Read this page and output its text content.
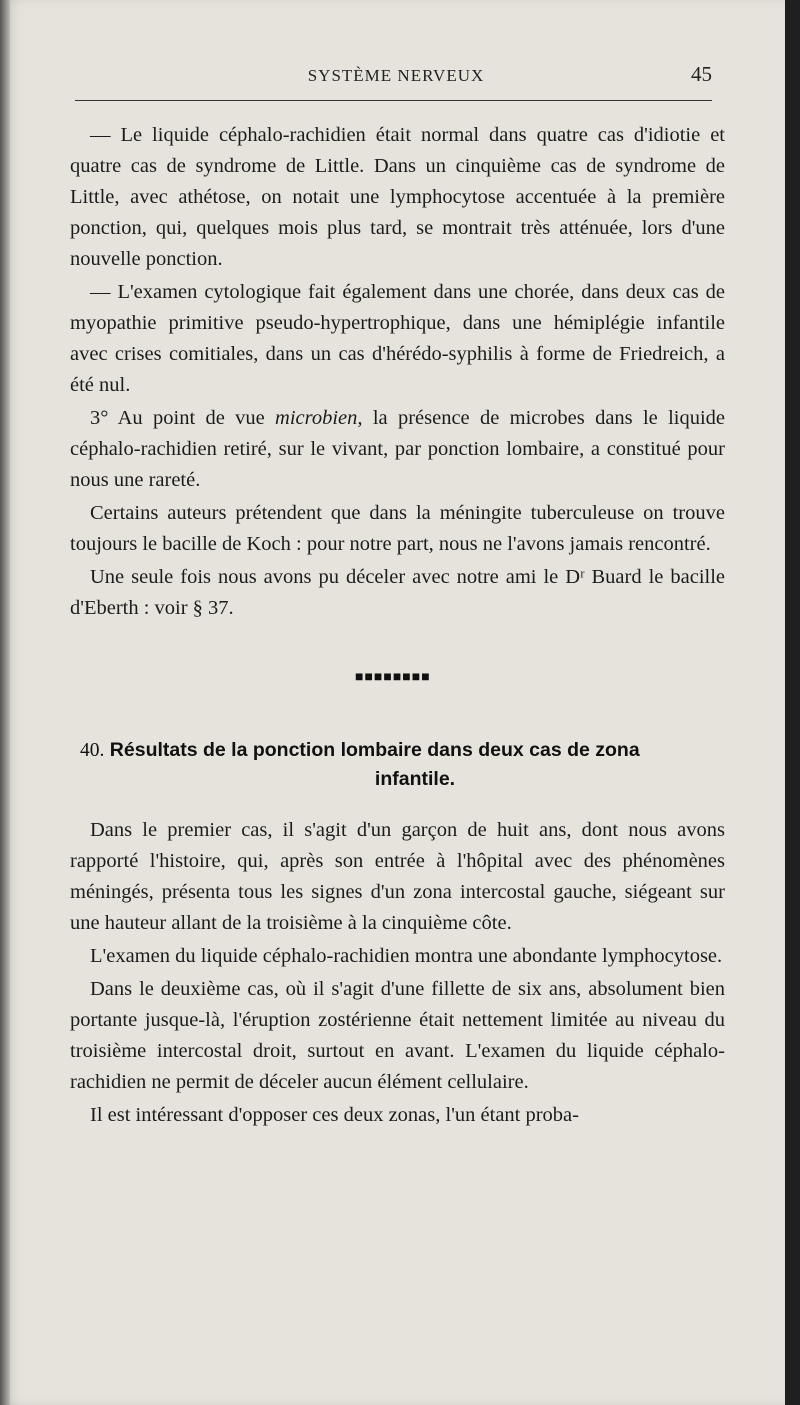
SYSTÈME NERVEUX	45

— Le liquide céphalo-rachidien était normal dans quatre cas d'idiotie et quatre cas de syndrome de Little. Dans un cinquième cas de syndrome de Little, avec athétose, on notait une lymphocytose accentuée à la première ponction, qui, quelques mois plus tard, se montrait très atténuée, lors d'une nouvelle ponction.

— L'examen cytologique fait également dans une chorée, dans deux cas de myopathie primitive pseudo-hypertrophique, dans une hémiplégie infantile avec crises comitiales, dans un cas d'hérédo-syphilis à forme de Friedreich, a été nul.

3° Au point de vue microbien, la présence de microbes dans le liquide céphalo-rachidien retiré, sur le vivant, par ponction lombaire, a constitué pour nous une rareté.

Certains auteurs prétendent que dans la méningite tuberculeuse on trouve toujours le bacille de Koch : pour notre part, nous ne l'avons jamais rencontré.

Une seule fois nous avons pu déceler avec notre ami le Dʳ Buard le bacille d'Eberth : voir § 37.

■■■■■■■■
40. Résultats de la ponction lombaire dans deux cas de zona
infantile.

Dans le premier cas, il s'agit d'un garçon de huit ans, dont nous avons rapporté l'histoire, qui, après son entrée à l'hôpital avec des phénomènes méningés, présenta tous les signes d'un zona intercostal gauche, siégeant sur une hauteur allant de la troisième à la cinquième côte.

L'examen du liquide céphalo-rachidien montra une abondante lymphocytose.

Dans le deuxième cas, où il s'agit d'une fillette de six ans, absolument bien portante jusque-là, l'éruption zostérienne était nettement limitée au niveau du troisième intercostal droit, surtout en avant. L'examen du liquide céphalo-rachidien ne permit de déceler aucun élément cellulaire.

Il est intéressant d'opposer ces deux zonas, l'un étant proba-
